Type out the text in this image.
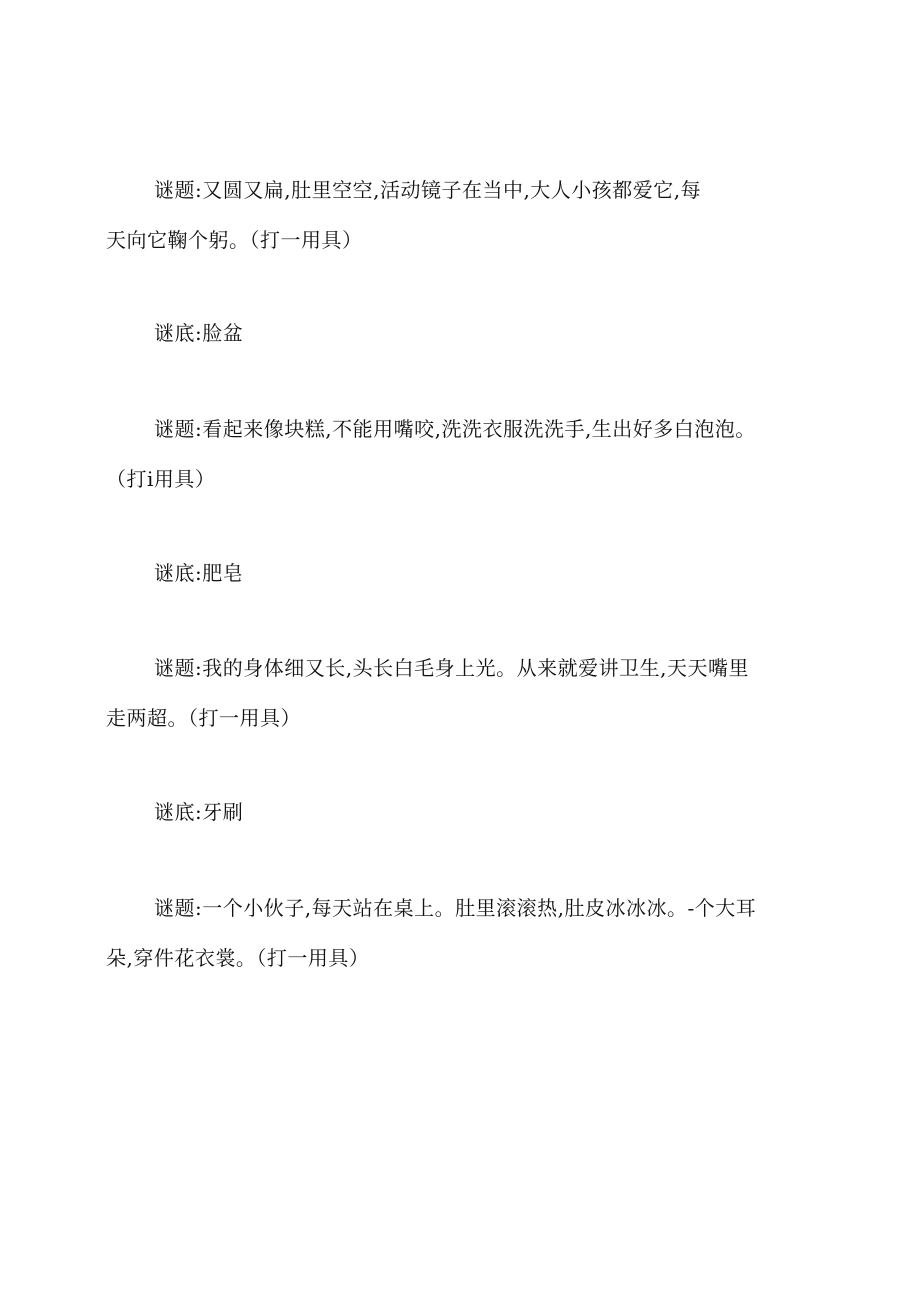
谜题:又圆又扁,肚里空空,活动镜子在当中,大人小孩都爱它,每
天向它鞠个躬。（打一用具）
谜底:脸盆
谜题:看起来像块糕,不能用嘴咬,洗洗衣服洗洗手,生出好多白泡泡。
（打i用具）
谜底:肥皂
谜题:我的身体细又长,头长白毛身上光。从来就爱讲卫生,天天嘴里
走两超。（打一用具）
谜底:牙刷
谜题:一个小伙子,每天站在桌上。肚里滚滚热,肚皮冰冰冰。-个大耳
朵,穿件花衣裳。（打一用具）
